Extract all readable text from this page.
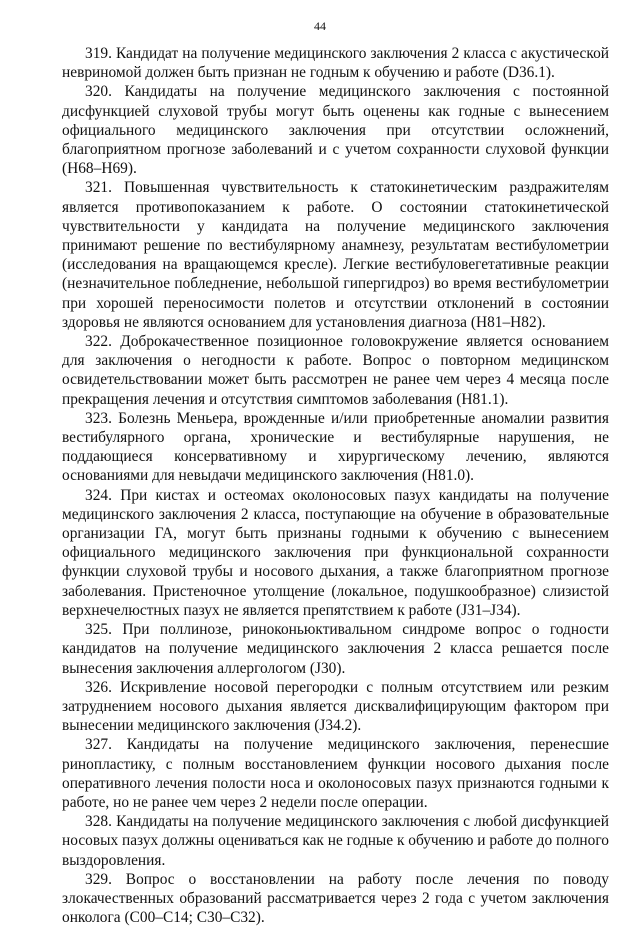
44

319. Кандидат на получение медицинского заключения 2 класса с акустической невриномой должен быть признан не годным к обучению и работе (D36.1).

320. Кандидаты на получение медицинского заключения с постоянной дисфункцией слуховой трубы могут быть оценены как годные с вынесением официального медицинского заключения при отсутствии осложнений, благоприятном прогнозе заболеваний и с учетом сохранности слуховой функции (H68–H69).

321. Повышенная чувствительность к статокинетическим раздражителям является противопоказанием к работе. О состоянии статокинетической чувствительности у кандидата на получение медицинского заключения принимают решение по вестибулярному анамнезу, результатам вестибулометрии (исследования на вращающемся кресле). Легкие вестибуловегетативные реакции (незначительное побледнение, небольшой гипергидроз) во время вестибулометрии при хорошей переносимости полетов и отсутствии отклонений в состоянии здоровья не являются основанием для установления диагноза (H81–H82).

322. Доброкачественное позиционное головокружение является основанием для заключения о негодности к работе. Вопрос о повторном медицинском освидетельствовании может быть рассмотрен не ранее чем через 4 месяца после прекращения лечения и отсутствия симптомов заболевания (H81.1).

323. Болезнь Меньера, врожденные и/или приобретенные аномалии развития вестибулярного органа, хронические и вестибулярные нарушения, не поддающиеся консервативному и хирургическому лечению, являются основаниями для невыдачи медицинского заключения (H81.0).

324. При кистах и остеомах околоносовых пазух кандидаты на получение медицинского заключения 2 класса, поступающие на обучение в образовательные организации ГА, могут быть признаны годными к обучению с вынесением официального медицинского заключения при функциональной сохранности функции слуховой трубы и носового дыхания, а также благоприятном прогнозе заболевания. Пристеночное утолщение (локальное, подушкообразное) слизистой верхнечелюстных пазух не является препятствием к работе (J31–J34).

325. При поллинозе, риноконьюктивальном синдроме вопрос о годности кандидатов на получение медицинского заключения 2 класса решается после вынесения заключения аллергологом (J30).

326. Искривление носовой перегородки с полным отсутствием или резким затруднением носового дыхания является дисквалифицирующим фактором при вынесении медицинского заключения (J34.2).

327. Кандидаты на получение медицинского заключения, перенесшие ринопластику, с полным восстановлением функции носового дыхания после оперативного лечения полости носа и околоносовых пазух признаются годными к работе, но не ранее чем через 2 недели после операции.

328. Кандидаты на получение медицинского заключения с любой дисфункцией носовых пазух должны оцениваться как не годные к обучению и работе до полного выздоровления.

329. Вопрос о восстановлении на работу после лечения по поводу злокачественных образований рассматривается через 2 года с учетом заключения онколога (C00–C14; C30–C32).
